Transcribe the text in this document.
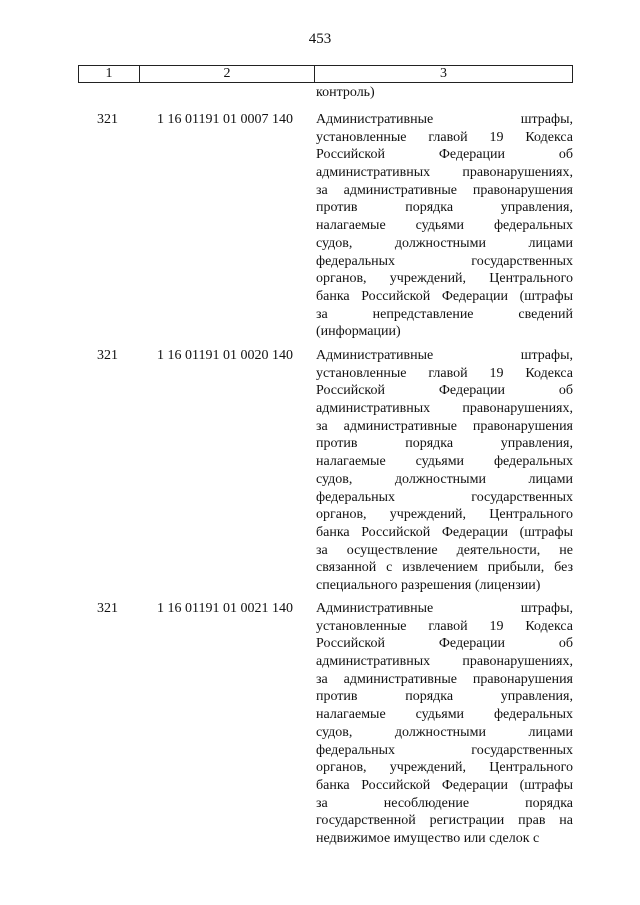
453
1	2	3
контроль)
321	1 16 01191 01 0007 140 Административные штрафы,
установленные главой 19 Кодекса
Российской Федерации об
административных правонарушениях,
за административные правонарушения
против порядка управления,
налагаемые судьями федеральных
судов, должностными лицами
федеральных государственных
органов, учреждений, Центрального
банка Российской Федерации (штрафы
за непредставление сведений
(информации)
321	1 16 01191 01 0020 140 Административные штрафы,
установленные главой 19 Кодекса
Российской Федерации об
административных правонарушениях,
за административные правонарушения
против порядка управления,
налагаемые судьями федеральных
судов, должностными лицами
федеральных государственных
органов, учреждений, Центрального
банка Российской Федерации (штрафы
за осуществление деятельности, не
связанной с извлечением прибыли, без
специального разрешения (лицензии)
321	1 16 01191 01 0021 140 Административные штрафы,
установленные главой 19 Кодекса
Российской Федерации об
административных правонарушениях,
за административные правонарушения
против порядка управления,
налагаемые судьями федеральных
судов, должностными лицами
федеральных государственных
органов, учреждений, Центрального
банка Российской Федерации (штрафы
за несоблюдение порядка
государственной регистрации прав на
недвижимое имущество или сделок с
